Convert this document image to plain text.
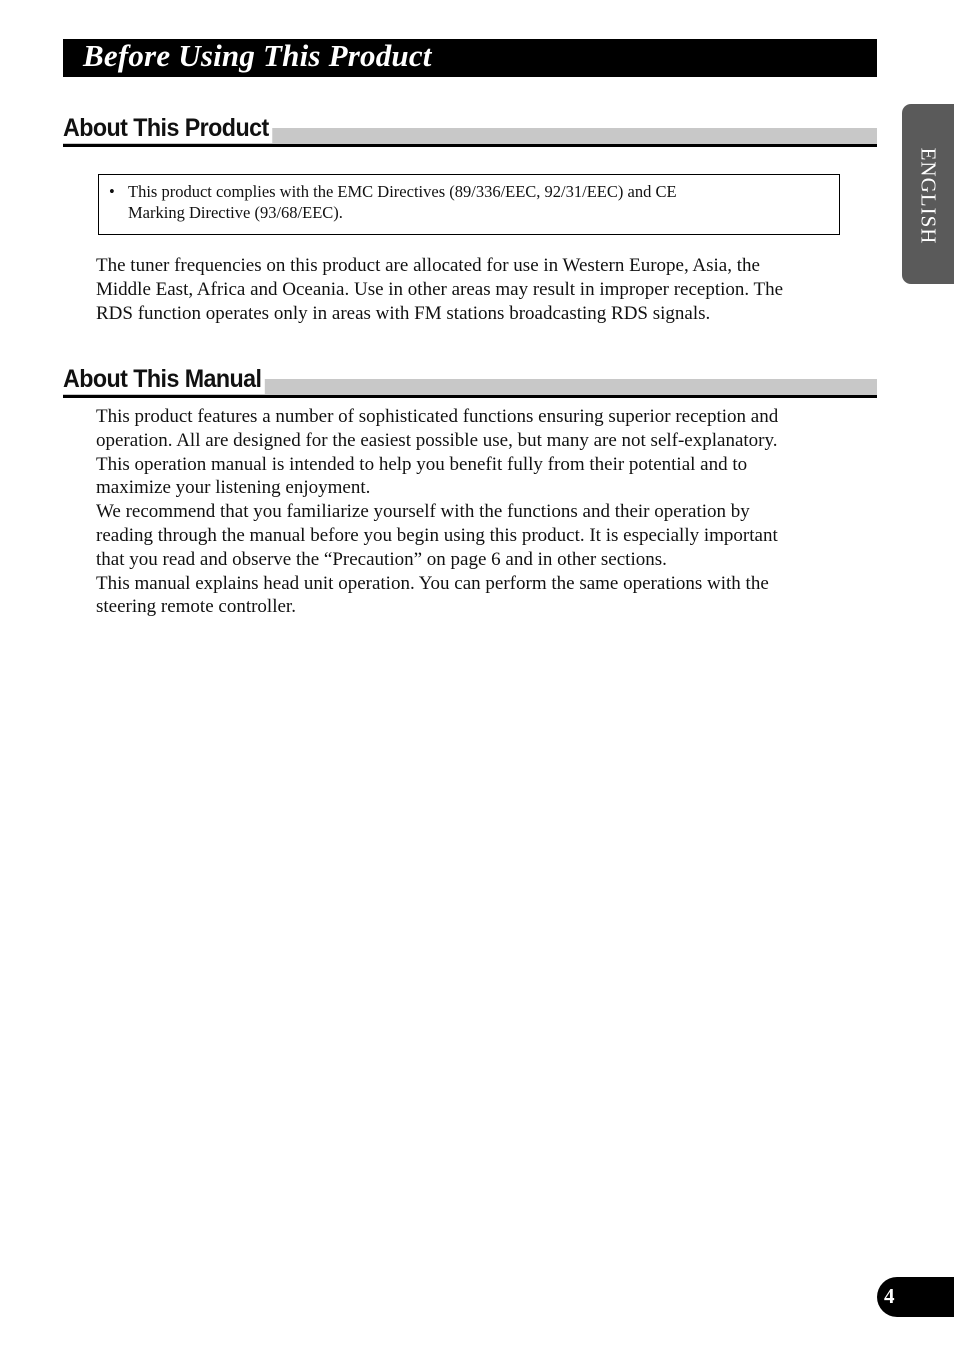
Before Using This Product
ENGLISH
About This Product
• This product complies with the EMC Directives (89/336/EEC, 92/31/EEC) and CE
Marking Directive (93/68/EEC).
The tuner frequencies on this product are allocated for use in Western Europe, Asia, the
Middle East, Africa and Oceania. Use in other areas may result in improper reception. The
RDS function operates only in areas with FM stations broadcasting RDS signals.
About This Manual
This product features a number of sophisticated functions ensuring superior reception and
operation. All are designed for the easiest possible use, but many are not self-explanatory.
This operation manual is intended to help you benefit fully from their potential and to
maximize your listening enjoyment.
We recommend that you familiarize yourself with the functions and their operation by
reading through the manual before you begin using this product. It is especially important
that you read and observe the “Precaution” on page 6 and in other sections.
This manual explains head unit operation. You can perform the same operations with the
steering remote controller.
4
